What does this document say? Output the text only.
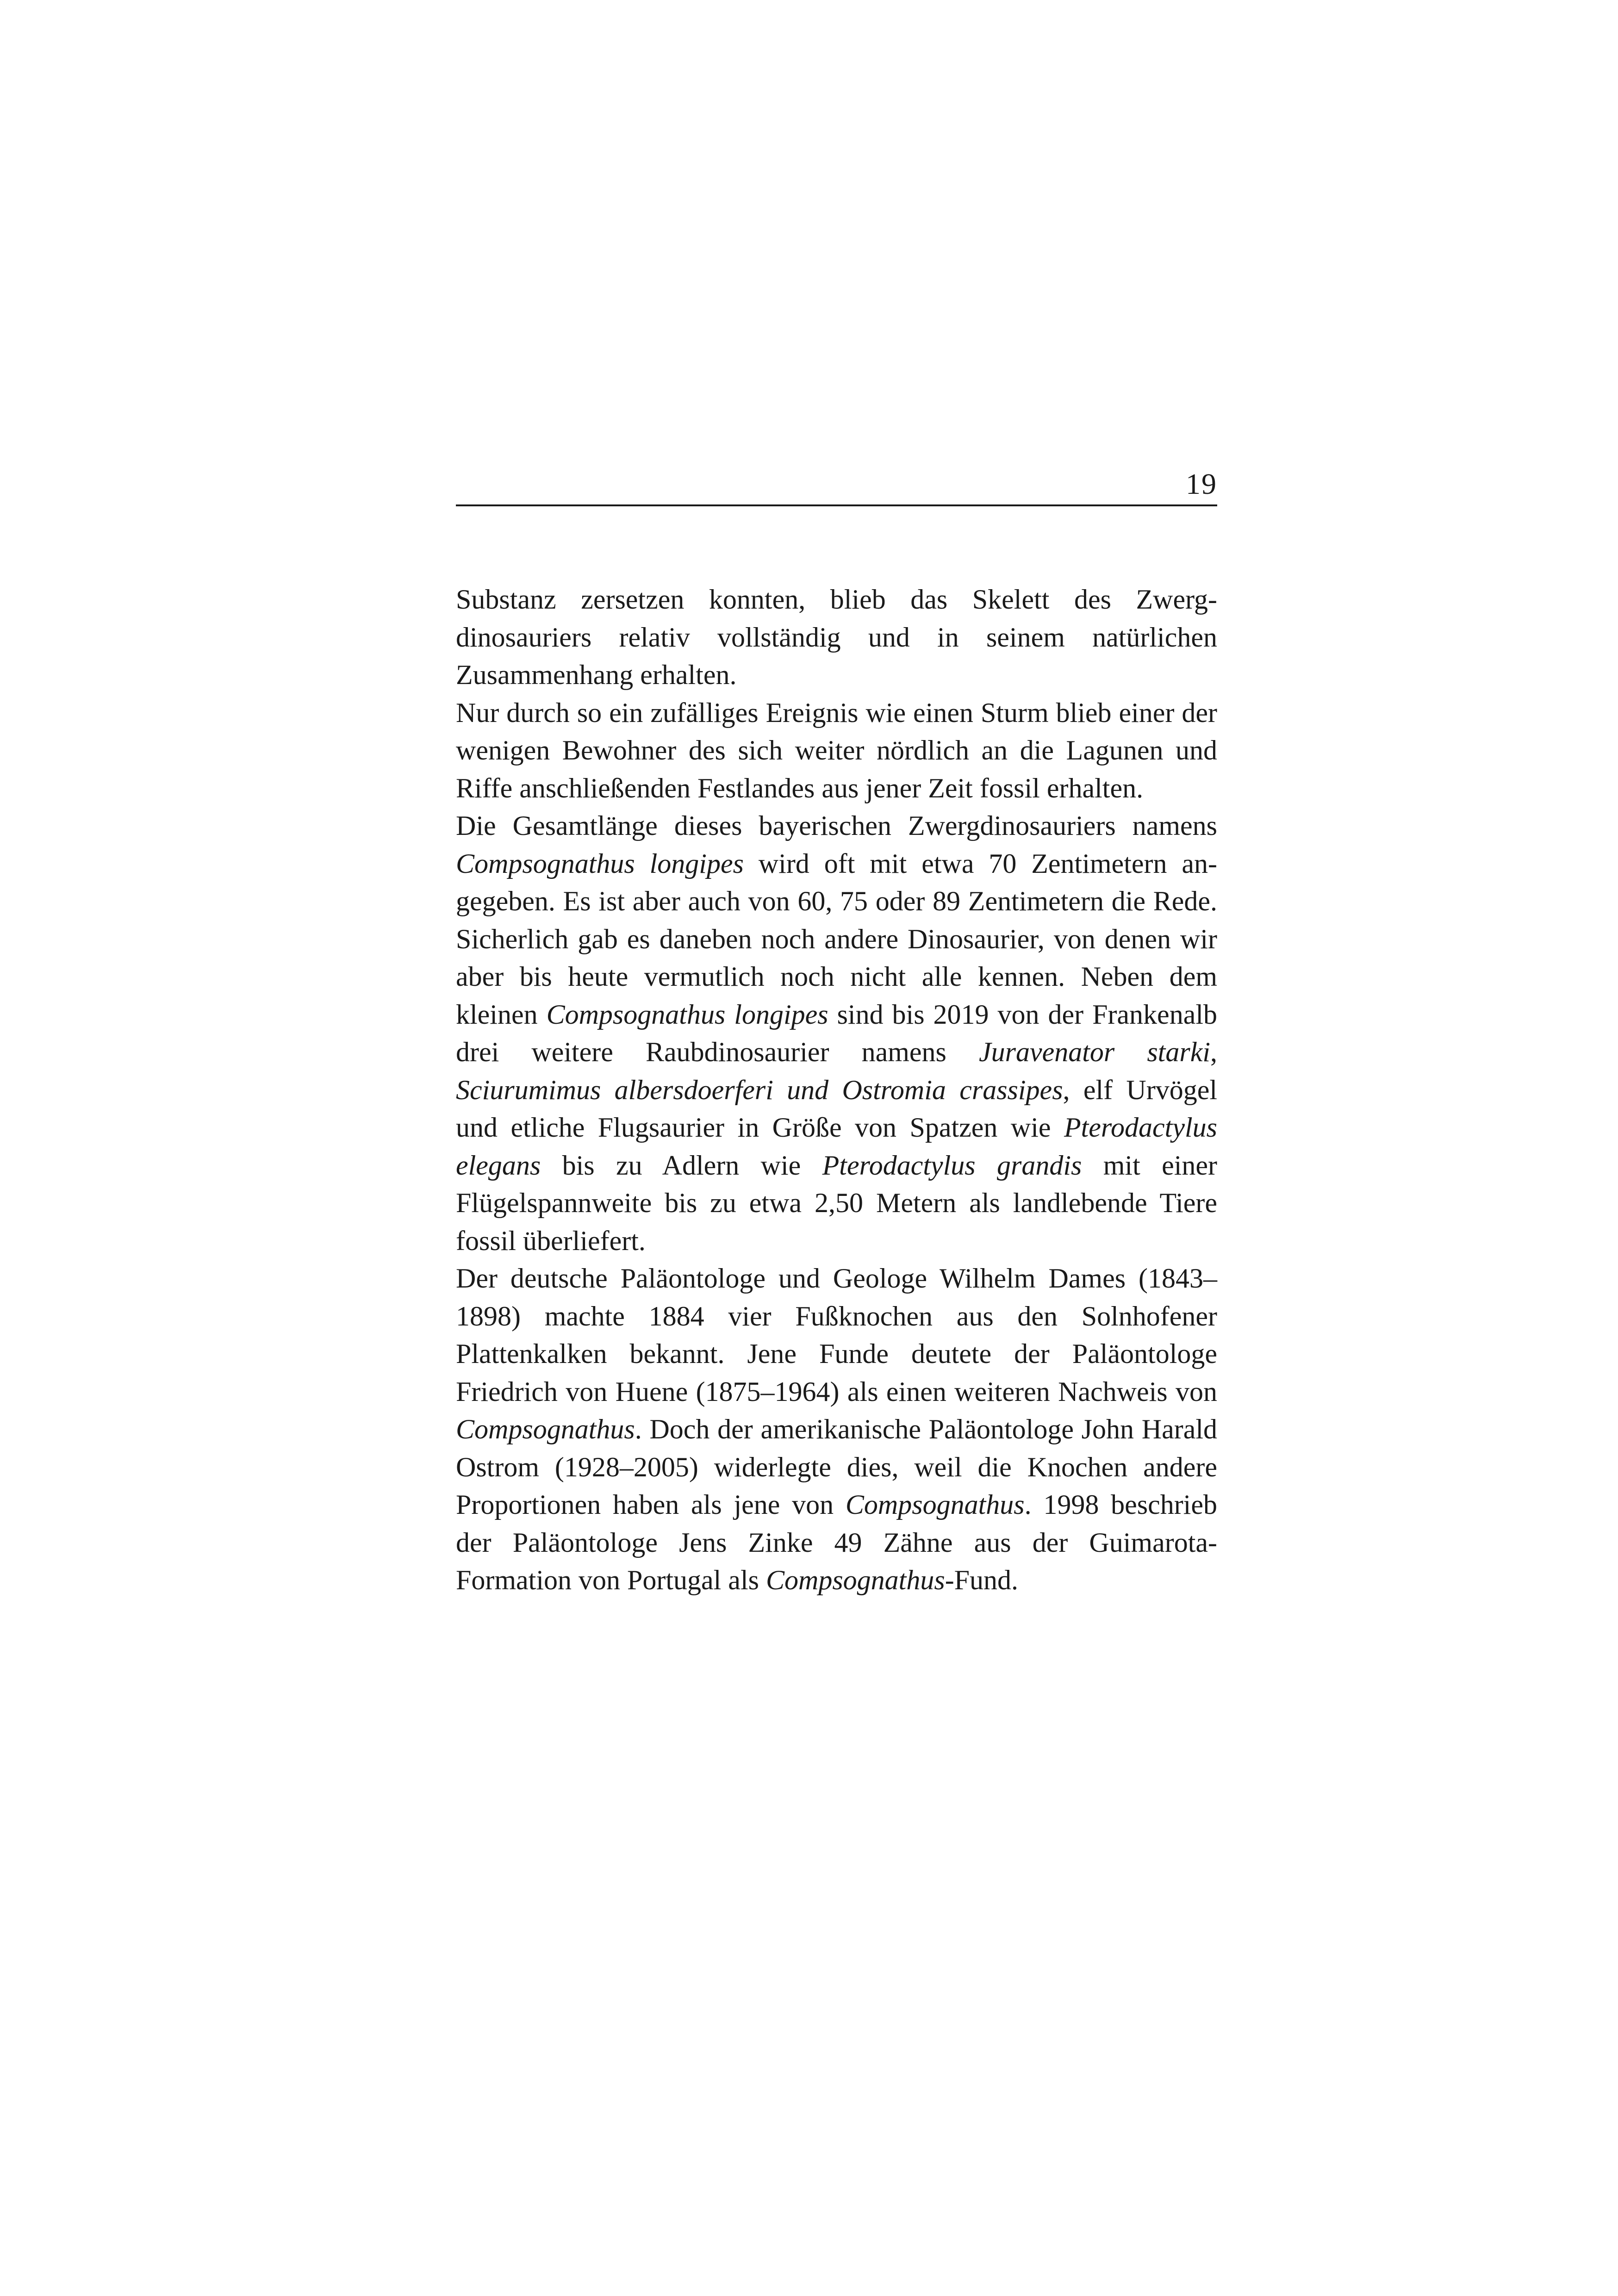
19

Substanz zersetzen konnten, blieb das Skelett des Zwergdinosauriers relativ vollständig und in seinem natürlichen Zusammenhang erhalten.

Nur durch so ein zufälliges Ereignis wie einen Sturm blieb einer der wenigen Bewohner des sich weiter nördlich an die Lagunen und Riffe anschließenden Festlandes aus jener Zeit fossil erhalten.

Die Gesamtlänge dieses bayerischen Zwergdinosauriers namens Compsognathus longipes wird oft mit etwa 70 Zentimetern angegeben. Es ist aber auch von 60, 75 oder 89 Zentimetern die Rede. Sicherlich gab es daneben noch andere Dinosaurier, von denen wir aber bis heute vermutlich noch nicht alle kennen. Neben dem kleinen Compsognathus longipes sind bis 2019 von der Frankenalb drei weitere Raubdinosaurier namens Juravenator starki, Sciurumimus albersdoerferi und Ostromia crassipes, elf Urvögel und etliche Flugsaurier in Größe von Spatzen wie Pterodactylus elegans bis zu Adlern wie Pterodactylus grandis mit einer Flügelspannweite bis zu etwa 2,50 Metern als landlebende Tiere fossil überliefert.

Der deutsche Paläontologe und Geologe Wilhelm Dames (1843–1898) machte 1884 vier Fußknochen aus den Solnhofener Plattenkalken bekannt. Jene Funde deutete der Paläontologe Friedrich von Huene (1875–1964) als einen weiteren Nachweis von Compsognathus. Doch der amerikanische Paläontologe John Harald Ostrom (1928–2005) widerlegte dies, weil die Knochen andere Proportionen haben als jene von Compsognathus. 1998 beschrieb der Paläontologe Jens Zinke 49 Zähne aus der Guimarota-Formation von Portugal als Compsognathus-Fund.
